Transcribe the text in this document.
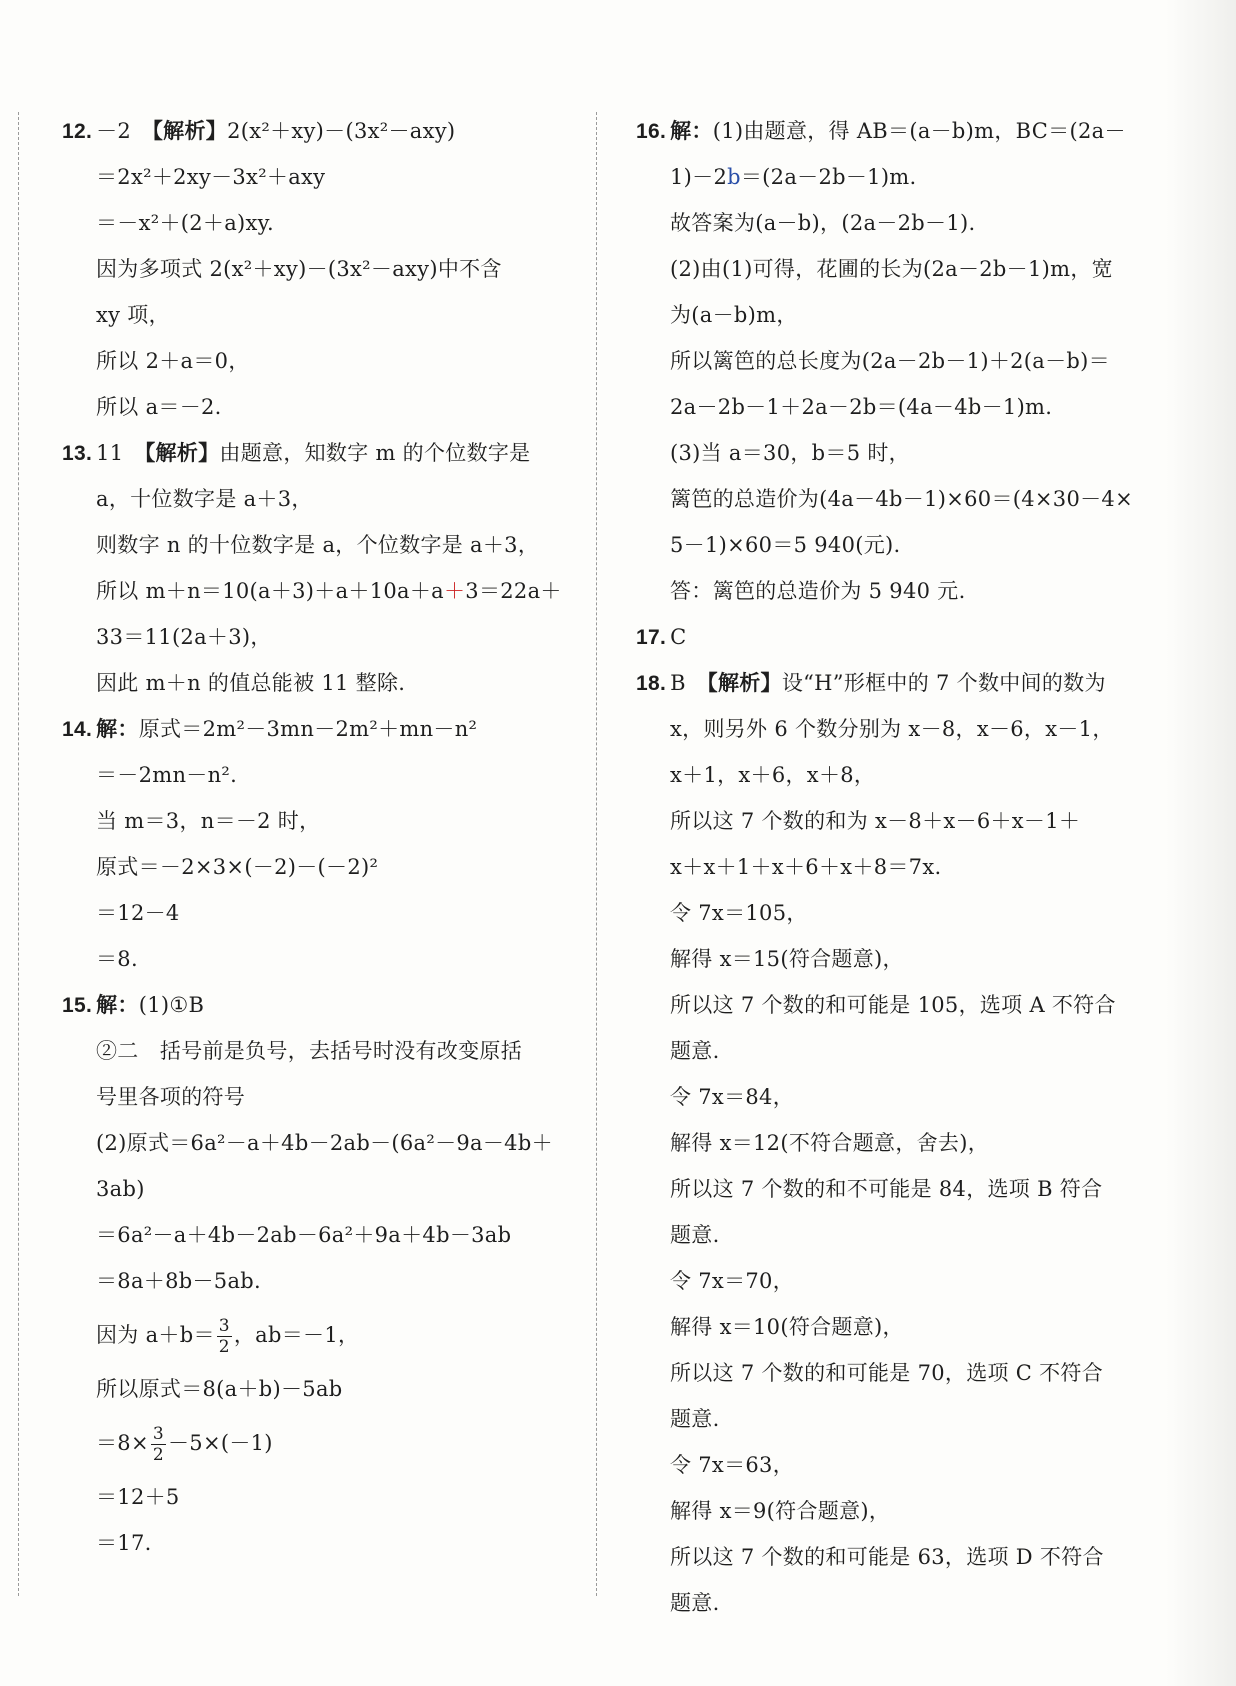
12. －2　【解析】2(x²＋xy)－(3x²－axy)
＝2x²＋2xy－3x²＋axy
＝－x²＋(2＋a)xy.
因为多项式 2(x²＋xy)－(3x²－axy)中不含
xy 项，
所以 2＋a＝0，
所以 a＝－2.
13. 11　【解析】由题意，知数字 m 的个位数字是
a，十位数字是 a＋3，
则数字 n 的十位数字是 a，个位数字是 a＋3，
所以 m＋n＝10(a＋3)＋a＋10a＋a＋3＝22a＋
33＝11(2a＋3)，
因此 m＋n 的值总能被 11 整除.
14. 解：原式＝2m²－3mn－2m²＋mn－n²
＝－2mn－n².
当 m＝3，n＝－2 时，
原式＝－2×3×(－2)－(－2)²
＝12－4
＝8.
15. 解：(1)①B
②二　括号前是负号，去括号时没有改变原括
号里各项的符号
(2)原式＝6a²－a＋4b－2ab－(6a²－9a－4b＋
3ab)
＝6a²－a＋4b－2ab－6a²＋9a＋4b－3ab
＝8a＋8b－5ab.
因为 $a+b= \frac{3}{2}$ ，ab＝－1，
所以原式＝8(a＋b)－5ab
$=8\times \frac{3}{2} -5\times(-1)$
＝12＋5
＝17.
16. 解：(1)由题意，得 AB＝(a－b)m，BC＝(2a－
1)－2b＝(2a－2b－1)m.
故答案为(a－b)，(2a－2b－1).
(2)由(1)可得，花圃的长为(2a－2b－1)m，宽
为(a－b)m，
所以篱笆的总长度为(2a－2b－1)＋2(a－b)＝
2a－2b－1＋2a－2b＝(4a－4b－1)m.
(3)当 a＝30，b＝5 时，
篱笆的总造价为(4a－4b－1)×60＝(4×30－4×
5－1)×60＝5 940(元).
答：篱笆的总造价为 5 940 元.
17. C
18. B　【解析】设“H”形框中的 7 个数中间的数为
x，则另外 6 个数分别为 x－8，x－6，x－1，
x＋1，x＋6，x＋8，
所以这 7 个数的和为 x－8＋x－6＋x－1＋
x＋x＋1＋x＋6＋x＋8＝7x.
令 7x＝105，
解得 x＝15(符合题意)，
所以这 7 个数的和可能是 105，选项 A 不符合
题意.
令 7x＝84，
解得 x＝12(不符合题意，舍去)，
所以这 7 个数的和不可能是 84，选项 B 符合
题意.
令 7x＝70，
解得 x＝10(符合题意)，
所以这 7 个数的和可能是 70，选项 C 不符合
题意.
令 7x＝63，
解得 x＝9(符合题意)，
所以这 7 个数的和可能是 63，选项 D 不符合
题意.
